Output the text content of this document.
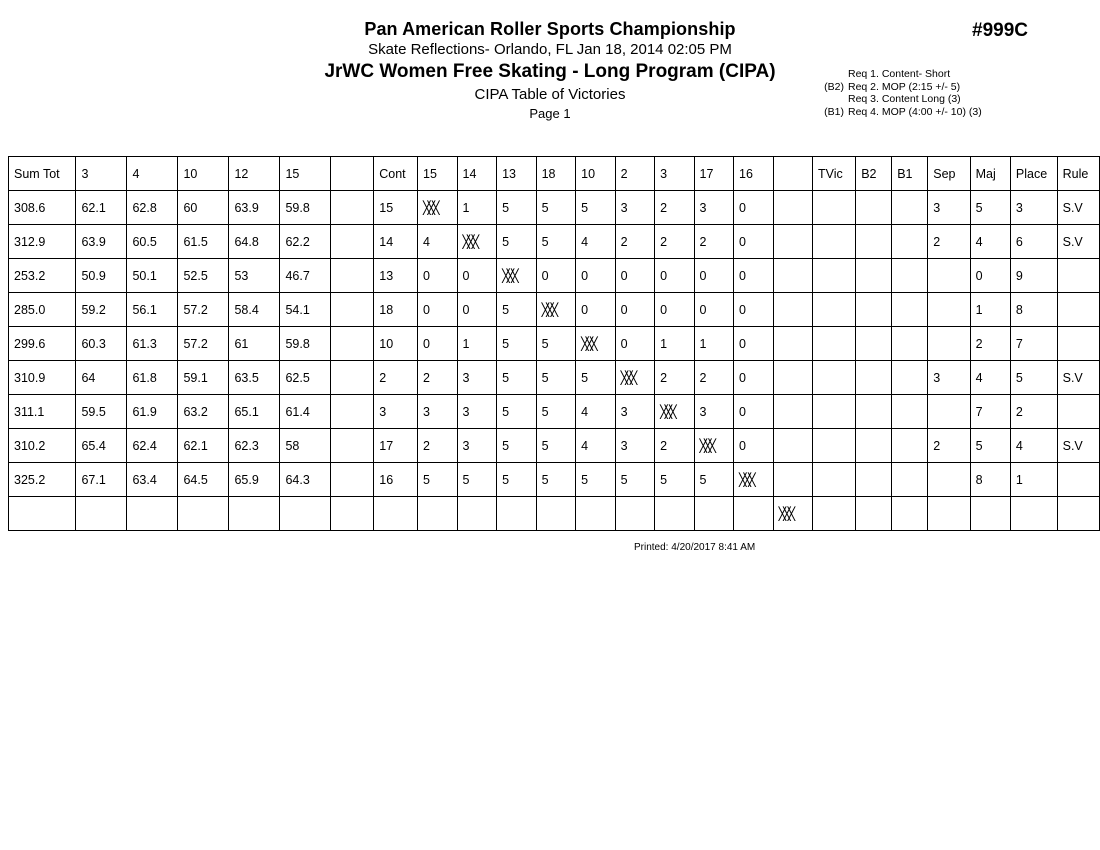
Pan American Roller Sports Championship
Skate Reflections- Orlando, FL Jan 18, 2014 02:05 PM
JrWC Women Free Skating - Long Program (CIPA)
CIPA Table of Victories
Page 1
#999C
Req 1. Content- Short
(B2) Req 2. MOP (2:15 +/- 5)
Req 3. Content Long (3)
(B1) Req 4. MOP (4:00 +/- 10) (3)
Sum Tot	3	4	10	12	15		Cont	15	14	13	18	10	2	3	17	16		TVic	B2	B1	Sep	Maj	Place	Rule
308.6	62.1	62.8	60	63.9	59.8		15	╳╳╳	1	5	5	5	3	2	3	0					3	5	3	S.V
312.9	63.9	60.5	61.5	64.8	62.2		14	4	╳╳╳	5	5	4	2	2	2	0					2	4	6	S.V
253.2	50.9	50.1	52.5	53	46.7		13	0	0	╳╳╳	0	0	0	0	0	0						0	9	
285.0	59.2	56.1	57.2	58.4	54.1		18	0	0	5	╳╳╳	0	0	0	0	0						1	8	
299.6	60.3	61.3	57.2	61	59.8		10	0	1	5	5	╳╳╳	0	1	1	0						2	7	
310.9	64	61.8	59.1	63.5	62.5		2	2	3	5	5	5	╳╳╳	2	2	0					3	4	5	S.V
311.1	59.5	61.9	63.2	65.1	61.4		3	3	3	5	5	4	3	╳╳╳	3	0						7	2	
310.2	65.4	62.4	62.1	62.3	58		17	2	3	5	5	4	3	2	╳╳╳	0					2	5	4	S.V
325.2	67.1	63.4	64.5	65.9	64.3		16	5	5	5	5	5	5	5	5	╳╳╳						8	1	
																	╳╳╳							
Printed: 4/20/2017 8:41 AM
